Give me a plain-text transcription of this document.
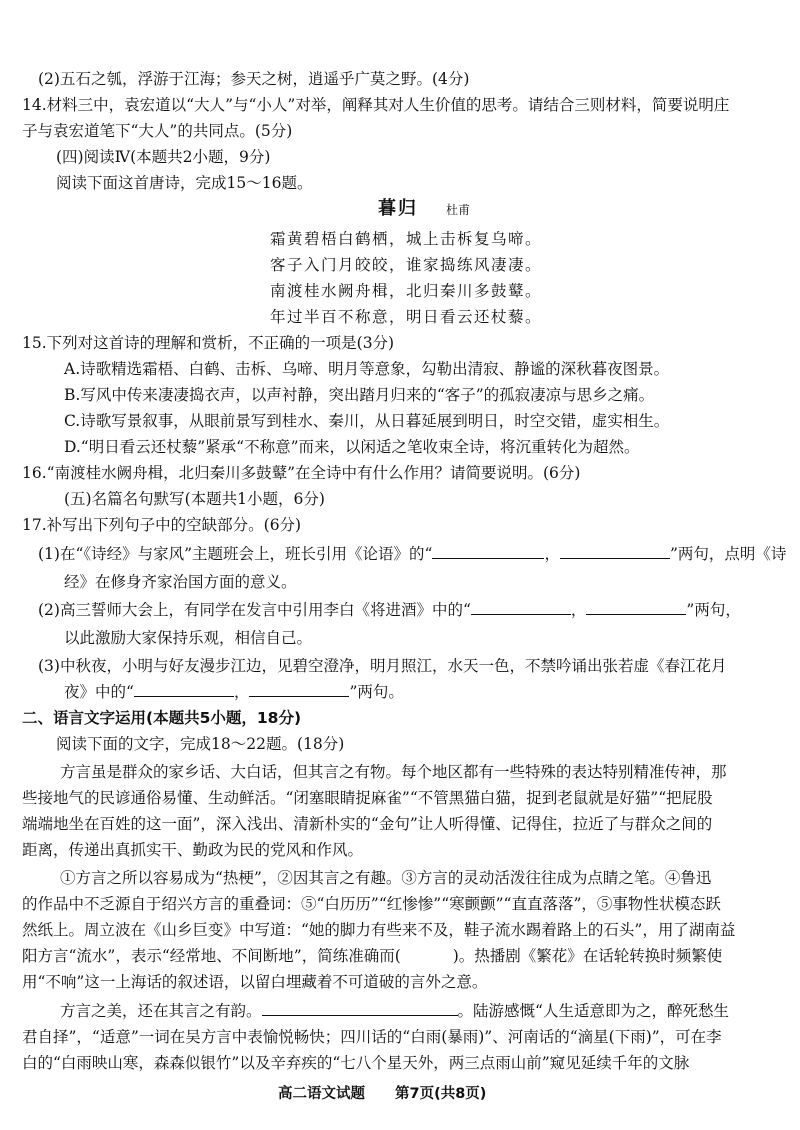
(2)五石之瓠，浮游于江海；参天之树，逍遥乎广莫之野。(4分)
14.材料三中，袁宏道以“大人”与“小人”对举，阐释其对人生价值的思考。请结合三则材料，简要说明庄
子与袁宏道笔下“大人”的共同点。(5分)
(四)阅读Ⅳ(本题共2小题，9分)
阅读下面这首唐诗，完成15～16题。
暮归 杜甫
霜黄碧梧白鹤栖，城上击柝复乌啼。
客子入门月皎皎，谁家捣练风凄凄。
南渡桂水阙舟楫，北归秦川多鼓鼙。
年过半百不称意，明日看云还杖藜。
15.下列对这首诗的理解和赏析，不正确的一项是(3分)
A.诗歌精选霜梧、白鹤、击柝、乌啼、明月等意象，勾勒出清寂、静谧的深秋暮夜图景。
B.写风中传来凄凄捣衣声，以声衬静，突出踏月归来的“客子”的孤寂凄凉与思乡之痛。
C.诗歌写景叙事，从眼前景写到桂水、秦川，从日暮延展到明日，时空交错，虚实相生。
D.“明日看云还杖藜”紧承“不称意”而来，以闲适之笔收束全诗，将沉重转化为超然。
16.“南渡桂水阙舟楫，北归秦川多鼓鼙”在全诗中有什么作用？请简要说明。(6分)
(五)名篇名句默写(本题共1小题，6分)
17.补写出下列句子中的空缺部分。(6分)
(1)在“《诗经》与家风”主题班会上，班长引用《论语》的“	，	”两句，点明《诗
经》在修身齐家治国方面的意义。
(2)高三誓师大会上，有同学在发言中引用李白《将进酒》中的“	，	”两句，
以此激励大家保持乐观，相信自己。
(3)中秋夜，小明与好友漫步江边，见碧空澄净，明月照江，水天一色，不禁吟诵出张若虚《春江花月
夜》中的“	，	”两句。
二、语言文字运用(本题共5小题，18分)
阅读下面的文字，完成18～22题。(18分)
方言虽是群众的家乡话、大白话，但其言之有物。每个地区都有一些特殊的表达特别精准传神，那
些接地气的民谚通俗易懂、生动鲜活。“闭塞眼睛捉麻雀”“不管黑猫白猫，捉到老鼠就是好猫”“把屁股
端端地坐在百姓的这一面”，深入浅出、清新朴实的“金句”让人听得懂、记得住，拉近了与群众之间的
距离，传递出真抓实干、勤政为民的党风和作风。
①方言之所以容易成为“热梗”，②因其言之有趣。③方言的灵动活泼往往成为点睛之笔。④鲁迅
的作品中不乏源自于绍兴方言的重叠词：⑤“白历历”“红惨惨”“寒颤颤”“直直落落”，⑤事物性状模态跃
然纸上。周立波在《山乡巨变》中写道：“她的脚力有些来不及，鞋子流水踢着路上的石头”，用了湖南益
阳方言“流水”，表示“经常地、不间断地”，简练准确而(	)。热播剧《繁花》在话轮转换时频繁使
用“不响”这一上海话的叙述语，以留白埋藏着不可道破的言外之意。
方言之美，还在其言之有韵。	。陆游感慨“人生适意即为之，醉死愁生
君自择”，“适意”一词在吴方言中表愉悦畅快；四川话的“白雨(暴雨)”、河南话的“滴星(下雨)”，可在李
白的“白雨映山寒，森森似银竹”以及辛弃疾的“七八个星天外，两三点雨山前”窥见延续千年的文脉
高二语文试题 第7页(共8页)
